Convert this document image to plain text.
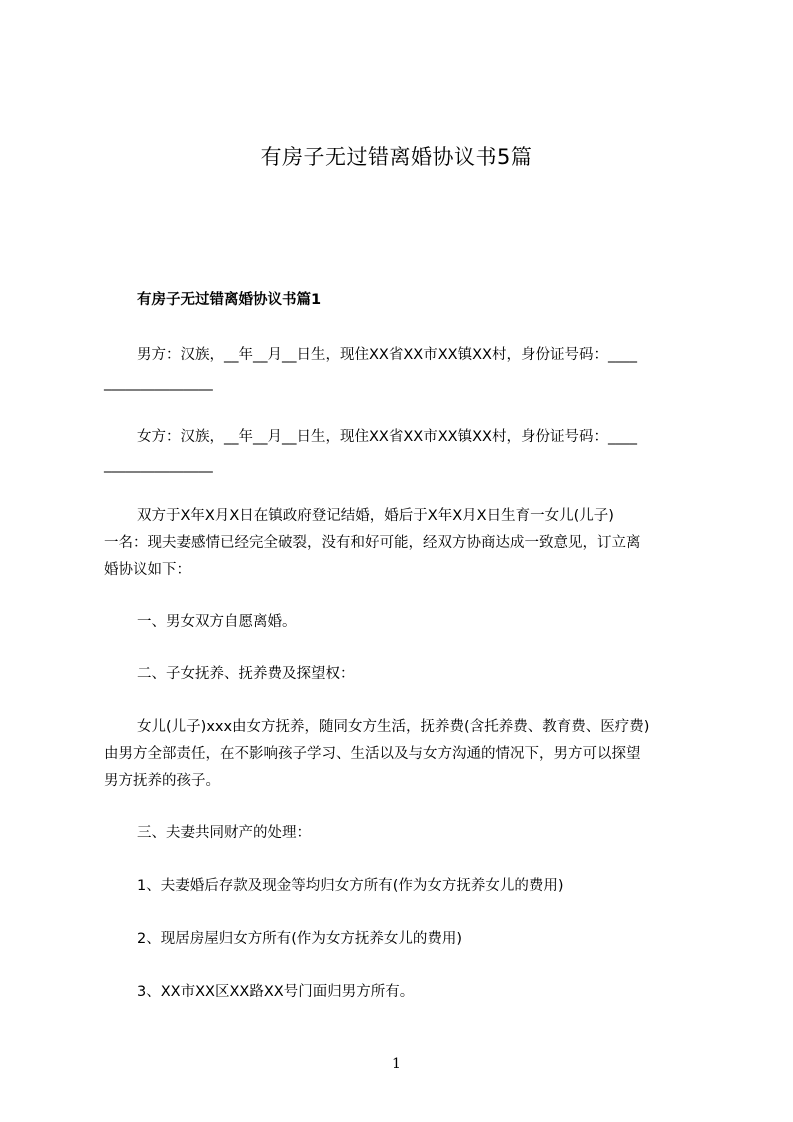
有房子无过错离婚协议书5篇
有房子无过错离婚协议书篇1
男方：汉族，__年__月__日生，现住XX省XX市XX镇XX村，身份证号码：____
_______________
女方：汉族，__年__月__日生，现住XX省XX市XX镇XX村，身份证号码：____
_______________
双方于X年X月X日在镇政府登记结婚，婚后于X年X月X日生育一女儿(儿子)
一名：现夫妻感情已经完全破裂，没有和好可能，经双方协商达成一致意见，订立离
婚协议如下：
一、男女双方自愿离婚。
二、子女抚养、抚养费及探望权：
女儿(儿子)xxx由女方抚养，随同女方生活，抚养费(含托养费、教育费、医疗费)
由男方全部责任，在不影响孩子学习、生活以及与女方沟通的情况下，男方可以探望
男方抚养的孩子。
三、夫妻共同财产的处理：
1、夫妻婚后存款及现金等均归女方所有(作为女方抚养女儿的费用)
2、现居房屋归女方所有(作为女方抚养女儿的费用)
3、XX市XX区XX路XX号门面归男方所有。
1
